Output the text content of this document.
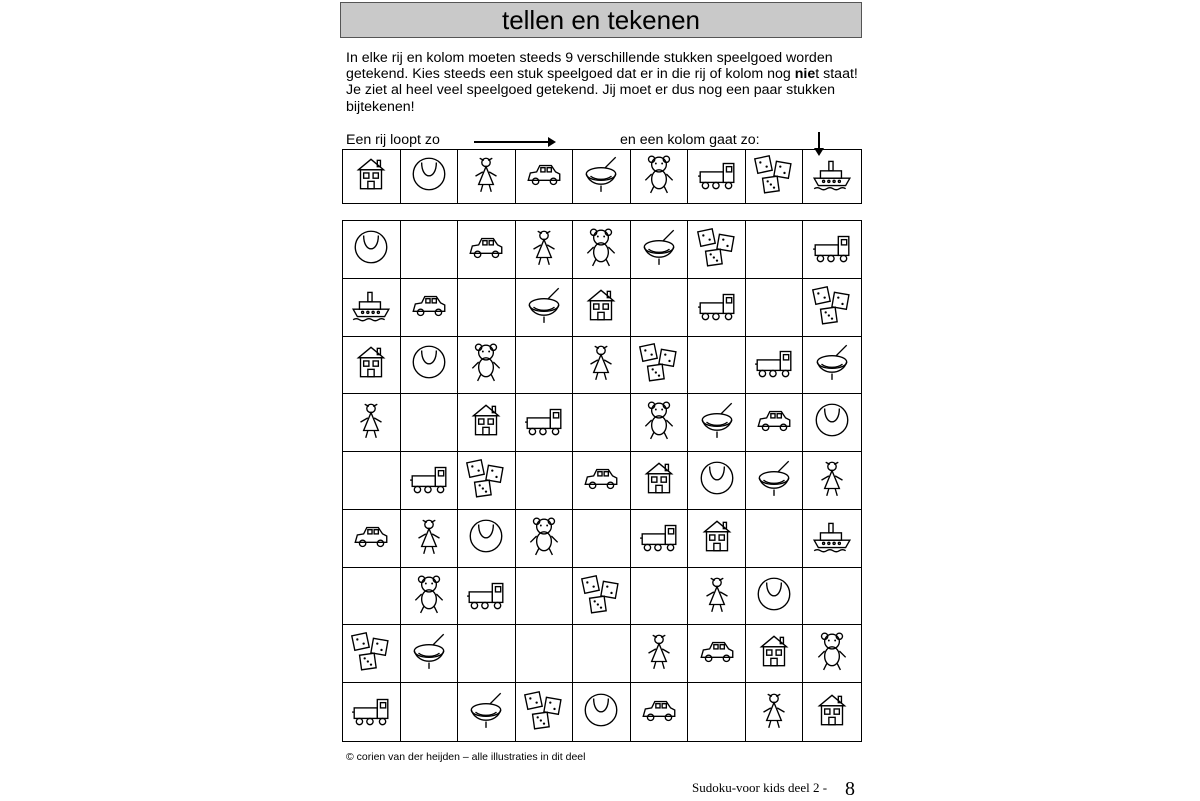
tellen en tekenen

In elke rij en kolom moeten steeds 9 verschillende stukken speelgoed worden getekend. Kies steeds een stuk speelgoed dat er in die rij of kolom nog niet staat! Je ziet al heel veel speelgoed getekend. Jij moet er dus nog een paar stukken bijtekenen!

Een rij loopt zo	en een kolom gaat zo:
© corien van der heijden – alle illustraties in dit deel
Sudoku-voor kids deel 2 - 8
